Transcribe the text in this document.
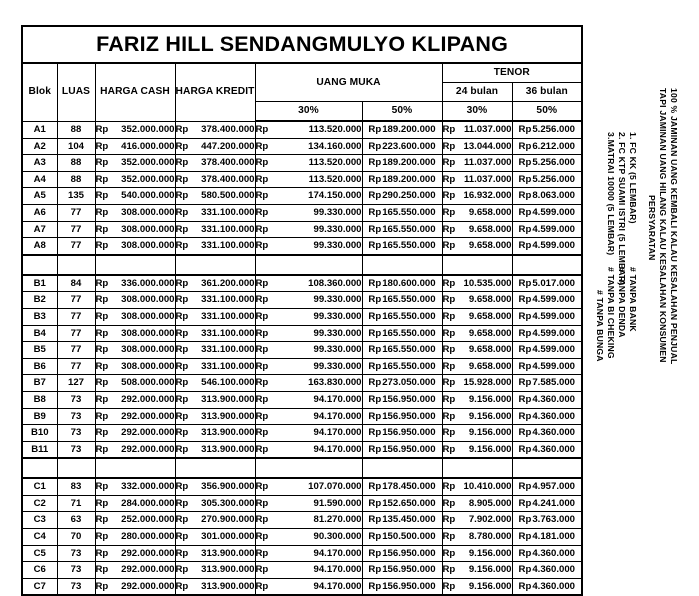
FARIZ HILL SENDANGMULYO KLIPANG							
Blok	LUAS	HARGA CASH	HARGA KREDIT	UANG MUKA		TENOR	
						24 bulan	36 bulan
				30%	50%	30%	50%
A1	88	Rp 352.000.000	Rp 378.400.000	Rp 113.520.000	Rp 189.200.000	Rp 11.037.000	Rp 5.256.000

A2	104	Rp 416.000.000	Rp 447.200.000	Rp 134.160.000	Rp 223.600.000	Rp 13.044.000	Rp 6.212.000

A3	88	Rp 352.000.000	Rp 378.400.000	Rp 113.520.000	Rp 189.200.000	Rp 11.037.000	Rp 5.256.000

A4	88	Rp 352.000.000	Rp 378.400.000	Rp 113.520.000	Rp 189.200.000	Rp 11.037.000	Rp 5.256.000

A5	135	Rp 540.000.000	Rp 580.500.000	Rp 174.150.000	Rp 290.250.000	Rp 16.932.000	Rp 8.063.000

A6	77	Rp 308.000.000	Rp 331.100.000	Rp 99.330.000	Rp 165.550.000	Rp 9.658.000	Rp 4.599.000

A7	77	Rp 308.000.000	Rp 331.100.000	Rp 99.330.000	Rp 165.550.000	Rp 9.658.000	Rp 4.599.000

A8	77	Rp 308.000.000	Rp 331.100.000	Rp 99.330.000	Rp 165.550.000	Rp 9.658.000	Rp 4.599.000

B1	84	Rp 336.000.000	Rp 361.200.000	Rp 108.360.000	Rp 180.600.000	Rp 10.535.000	Rp 5.017.000

B2	77	Rp 308.000.000	Rp 331.100.000	Rp 99.330.000	Rp 165.550.000	Rp 9.658.000	Rp 4.599.000

B3	77	Rp 308.000.000	Rp 331.100.000	Rp 99.330.000	Rp 165.550.000	Rp 9.658.000	Rp 4.599.000

B4	77	Rp 308.000.000	Rp 331.100.000	Rp 99.330.000	Rp 165.550.000	Rp 9.658.000	Rp 4.599.000

B5	77	Rp 308.000.000	Rp 331.100.000	Rp 99.330.000	Rp 165.550.000	Rp 9.658.000	Rp 4.599.000

B6	77	Rp 308.000.000	Rp 331.100.000	Rp 99.330.000	Rp 165.550.000	Rp 9.658.000	Rp 4.599.000

B7	127	Rp 508.000.000	Rp 546.100.000	Rp 163.830.000	Rp 273.050.000	Rp 15.928.000	Rp 7.585.000

B8	73	Rp 292.000.000	Rp 313.900.000	Rp 94.170.000	Rp 156.950.000	Rp 9.156.000	Rp 4.360.000

B9	73	Rp 292.000.000	Rp 313.900.000	Rp 94.170.000	Rp 156.950.000	Rp 9.156.000	Rp 4.360.000

B10	73	Rp 292.000.000	Rp 313.900.000	Rp 94.170.000	Rp 156.950.000	Rp 9.156.000	Rp 4.360.000

B11	73	Rp 292.000.000	Rp 313.900.000	Rp 94.170.000	Rp 156.950.000	Rp 9.156.000	Rp 4.360.000

C1	83	Rp 332.000.000	Rp 356.900.000	Rp 107.070.000	Rp 178.450.000	Rp 10.410.000	Rp 4.957.000

C2	71	Rp 284.000.000	Rp 305.300.000	Rp 91.590.000	Rp 152.650.000	Rp 8.905.000	Rp 4.241.000

C3	63	Rp 252.000.000	Rp 270.900.000	Rp 81.270.000	Rp 135.450.000	Rp 7.902.000	Rp 3.763.000

C4	70	Rp 280.000.000	Rp 301.000.000	Rp 90.300.000	Rp 150.500.000	Rp 8.780.000	Rp 4.181.000

C5	73	Rp 292.000.000	Rp 313.900.000	Rp 94.170.000	Rp 156.950.000	Rp 9.156.000	Rp 4.360.000

C6	73	Rp 292.000.000	Rp 313.900.000	Rp 94.170.000	Rp 156.950.000	Rp 9.156.000	Rp 4.360.000

C7	73	Rp 292.000.000	Rp 313.900.000	Rp 94.170.000	Rp 156.950.000	Rp 9.156.000	Rp 4.360.000
100 % JAMINAN UANG KEMBALI KALAU KESALAHAN PENJUAL
TAPI JAMINAN UANG HILANG KALAU KESALAHAN KONSUMEN
PERSYARATAN
1. FC KK (5 LEMBAR)
2. FC KTP SUAMI ISTRI (5 LEMBAR)
3.MATRAI 10000 (5 LEMBAR)
# TANPA BANK
# TANPA DENDA
# TANPA BI CHEKING
# TANPA BUNGA
